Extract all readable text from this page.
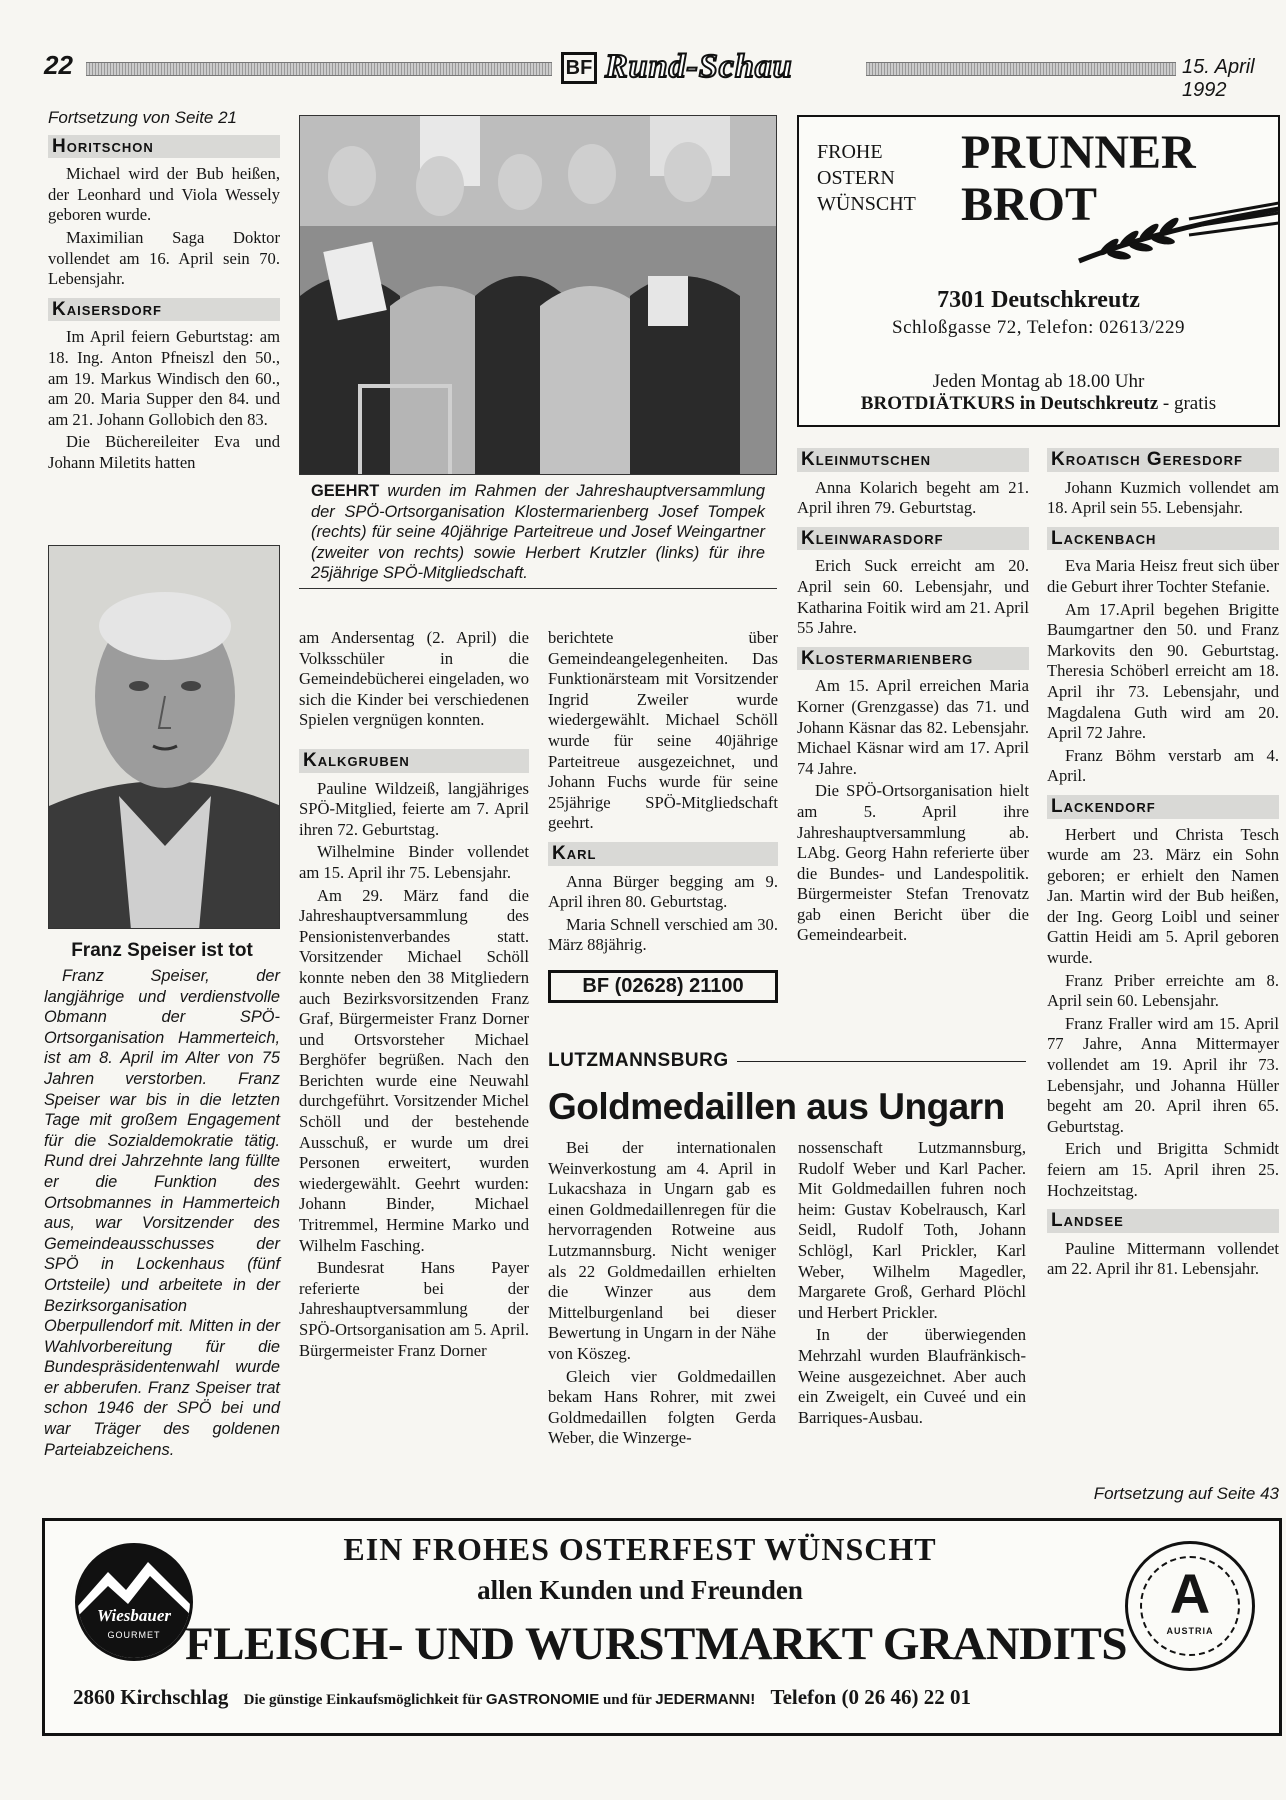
22	BF Rund-Schau	15. April 1992
Fortsetzung von Seite 21
Horitschon

Michael wird der Bub heißen, der Leonhard und Viola Wessely geboren wurde.

Maximilian Saga Doktor vollendet am 16. April sein 70. Lebensjahr.

Kaisersdorf

Im April feiern Geburtstag: am 18. Ing. Anton Pfneiszl den 50., am 19. Markus Windisch den 60., am 20. Maria Supper den 84. und am 21. Johann Gollobich den 83.

Die Büchereileiter Eva und Johann Miletits hatten

Franz Speiser ist tot
Franz Speiser, der langjährige und verdienstvolle Obmann der SPÖ-Ortsorganisation Hammerteich, ist am 8. April im Alter von 75 Jahren verstorben. Franz Speiser war bis in die letzten Tage mit großem Engagement für die Sozialdemokratie tätig. Rund drei Jahrzehnte lang füllte er die Funktion des Ortsobmannes in Hammerteich aus, war Vorsitzender des Gemeindeausschusses der SPÖ in Lockenhaus (fünf Ortsteile) und arbeitete in der Bezirksorganisation Oberpullendorf mit. Mitten in der Wahlvorbereitung für die Bundespräsidentenwahl wurde er abberufen. Franz Speiser trat schon 1946 der SPÖ bei und war Träger des goldenen Parteiabzeichens.
GEEHRT wurden im Rahmen der Jahreshauptversammlung der SPÖ-Ortsorganisation Klostermarienberg Josef Tompek (rechts) für seine 40jährige Parteitreue und Josef Weingartner (zweiter von rechts) sowie Herbert Krutzler (links) für ihre 25jährige SPÖ-Mitgliedschaft.

am Andersentag (2. April) die Volksschüler in die Gemeindebücherei eingeladen, wo sich die Kinder bei verschiedenen Spielen vergnügen konnten.

Kalkgruben

Pauline Wildzeiß, langjähriges SPÖ-Mitglied, feierte am 7. April ihren 72. Geburtstag.

Wilhelmine Binder vollendet am 15. April ihr 75. Lebensjahr.

Am 29. März fand die Jahreshauptversammlung des Pensionistenverbandes statt. Vorsitzender Michael Schöll konnte neben den 38 Mitgliedern auch Bezirksvorsitzenden Franz Graf, Bürgermeister Franz Dorner und Ortsvorsteher Michael Berghöfer begrüßen. Nach den Berichten wurde eine Neuwahl durchgeführt. Vorsitzender Michel Schöll und der bestehende Ausschuß, er wurde um drei Personen erweitert, wurden wiedergewählt. Geehrt wurden: Johann Binder, Michael Tritremmel, Hermine Marko und Wilhelm Fasching.

Bundesrat Hans Payer referierte bei der Jahreshauptversammlung der SPÖ-Ortsorganisation am 5. April. Bürgermeister Franz Dorner

berichtete über Gemeindeangelegenheiten. Das Funktionärsteam mit Vorsitzender Ingrid Zweiler wurde wiedergewählt. Michael Schöll wurde für seine 40jährige Parteitreue ausgezeichnet, und Johann Fuchs wurde für seine 25jährige SPÖ-Mitgliedschaft geehrt.

Karl

Anna Bürger begging am 9. April ihren 80. Geburtstag.

Maria Schnell verschied am 30. März 88jährig.

BF (02628) 21100
FROHE
OSTERN
WÜNSCHT
PRUNNER
BROT
7301 Deutschkreutz
Schloßgasse 72, Telefon: 02613/229
Jeden Montag ab 18.00 Uhr
BROTDIÄTKURS in Deutschkreutz - gratis
Kleinmutschen

Anna Kolarich begeht am 21. April ihren 79. Geburtstag.

Kleinwarasdorf

Erich Suck erreicht am 20. April sein 60. Lebensjahr, und Katharina Foitik wird am 21. April 55 Jahre.

Klostermarienberg

Am 15. April erreichen Maria Korner (Grenzgasse) das 71. und Johann Käsnar das 82. Lebensjahr. Michael Käsnar wird am 17. April 74 Jahre.

Die SPÖ-Ortsorganisation hielt am 5. April ihre Jahreshauptversammlung ab. LAbg. Georg Hahn referierte über die Bundes- und Landespolitik. Bürgermeister Stefan Trenovatz gab einen Bericht über die Gemeindearbeit.

Kroatisch Geresdorf

Johann Kuzmich vollendet am 18. April sein 55. Lebensjahr.

Lackenbach

Eva Maria Heisz freut sich über die Geburt ihrer Tochter Stefanie.

Am 17.April begehen Brigitte Baumgartner den 50. und Franz Markovits den 90. Geburtstag. Theresia Schöberl erreicht am 18. April ihr 73. Lebensjahr, und Magdalena Guth wird am 20. April 72 Jahre.

Franz Böhm verstarb am 4. April.

Lackendorf

Herbert und Christa Tesch wurde am 23. März ein Sohn geboren; er erhielt den Namen Jan. Martin wird der Bub heißen, der Ing. Georg Loibl und seiner Gattin Heidi am 5. April geboren wurde.

Franz Priber erreichte am 8. April sein 60. Lebensjahr.

Franz Fraller wird am 15. April 77 Jahre, Anna Mittermayer vollendet am 19. April ihr 73. Lebensjahr, und Johanna Hüller begeht am 20. April ihren 65. Geburtstag.

Erich und Brigitta Schmidt feiern am 15. April ihren 25. Hochzeitstag.

Landsee

Pauline Mittermann vollendet am 22. April ihr 81. Lebensjahr.

Fortsetzung auf Seite 43
LUTZMANNSBURG
Goldmedaillen aus Ungarn

Bei der internationalen Weinverkostung am 4. April in Lukacshaza in Ungarn gab es einen Goldmedaillenregen für die hervorragenden Rotweine aus Lutzmannsburg. Nicht weniger als 22 Goldmedaillen erhielten die Winzer aus dem Mittelburgenland bei dieser Bewertung in Ungarn in der Nähe von Köszeg.

Gleich vier Goldmedaillen bekam Hans Rohrer, mit zwei Goldmedaillen folgten Gerda Weber, die Winzerge-

nossenschaft Lutzmannsburg, Rudolf Weber und Karl Pacher. Mit Goldmedaillen fuhren noch heim: Gustav Kobelrausch, Karl Seidl, Rudolf Toth, Johann Schlögl, Karl Prickler, Karl Weber, Wilhelm Magedler, Margarete Groß, Gerhard Plöchl und Herbert Prickler.

In der überwiegenden Mehrzahl wurden Blaufränkisch-Weine ausgezeichnet. Aber auch ein Zweigelt, ein Cuveé und ein Barriques-Ausbau.

Wiesbauer
GOURMET
EIN FROHES OSTERFEST WÜNSCHT
allen Kunden und Freunden
FLEISCH- UND WURSTMARKT GRANDITS
2860 Kirchschlag Die günstige Einkaufsmöglichkeit für GASTRONOMIE und für JEDERMANN! Telefon (0 26 46) 22 01
A
AUSTRIA
